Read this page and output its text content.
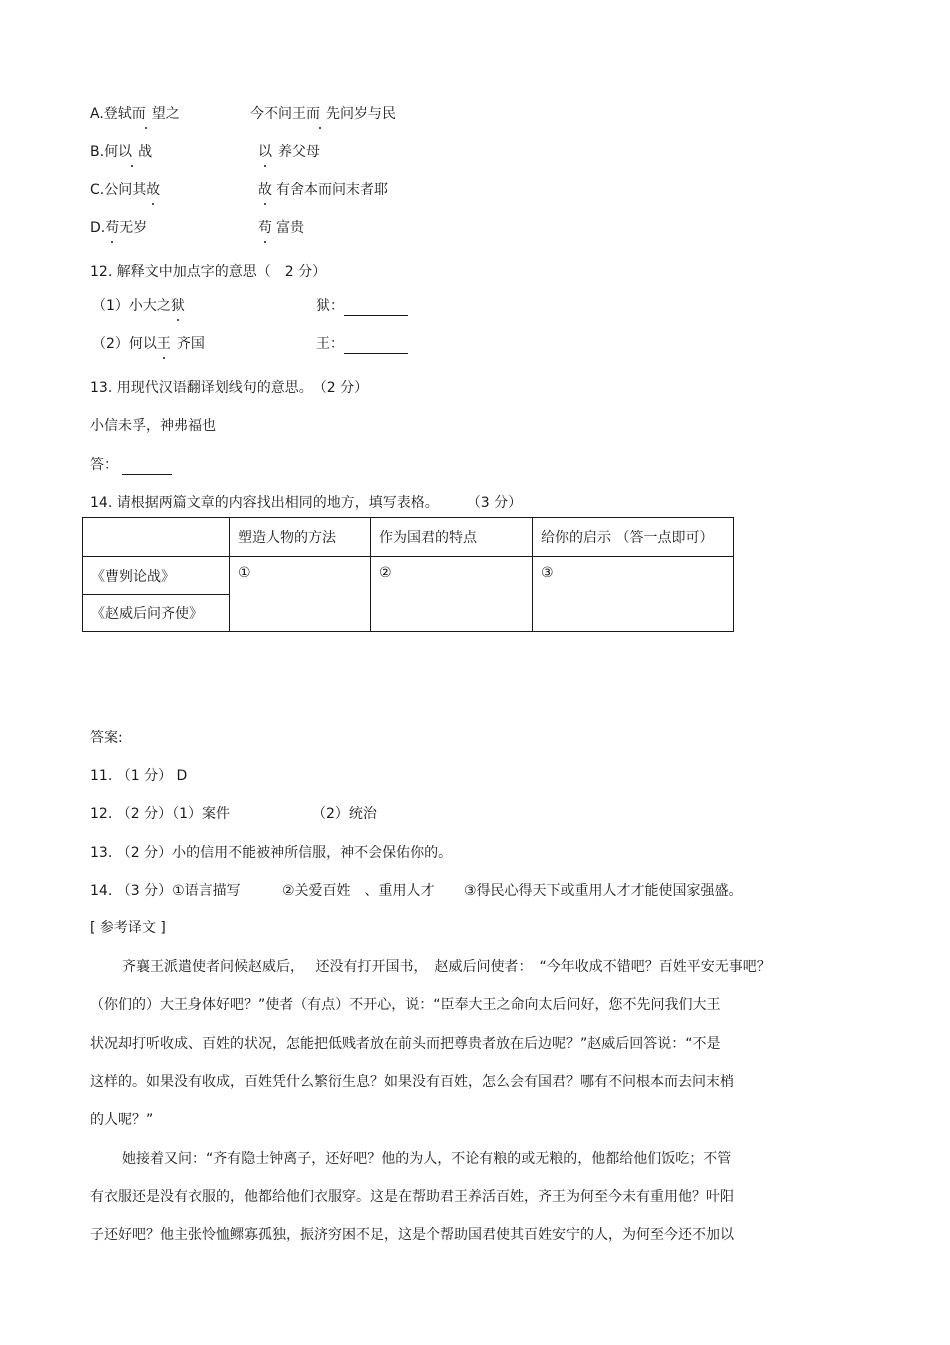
A.登轼而 望之	今不问王而 先问岁与民
B.何以 战	以 养父母
C.公问其故	故 有舍本而问末者耶
D.苟无岁	苟 富贵
12. 解释文中加点字的意思（　2 分）
（1）小大之狱	狱：
（2）何以王 齐国	王：
13. 用现代汉语翻译划线句的意思。　（2 分）
小信未孚，神弗福也
答：
14. 请根据两篇文章的内容找出相同的地方，填写表格。　　　（3 分）
	塑造人物的方法	作为国君的特点	给你的启示 （答一点即可）
《曹刿论战》	①	②	③
《赵威后问齐使》			
答案:
11. （1 分） D
12. （2 分）（1）案件	（2）统治
13. （2 分）小的信用不能被神所信服，神不会保佑你的。
14. （3 分）①语言描写	②关爱百姓　、重用人才 ③得民心得天下或重用人才才能使国家强盛。
[ 参考译文 ]
齐襄王派遣使者问候赵威后，　 还没有打开国书，　赵威后问使者：　“今年收成不错吧？百姓平安无事吧？
（你们的）大王身体好吧？”使者（有点）不开心，说：“臣奉大王之命向太后问好，您不先问我们大王
状况却打听收成、百姓的状况，怎能把低贱者放在前头而把尊贵者放在后边呢？”赵威后回答说：“不是
这样的。如果没有收成，百姓凭什么繁衍生息？如果没有百姓，怎么会有国君？哪有不问根本而去问末梢
的人呢？”
她接着又问：“齐有隐士钟离子，还好吧？他的为人，不论有粮的或无粮的，他都给他们饭吃；不管
有衣服还是没有衣服的，他都给他们衣服穿。这是在帮助君王养活百姓，齐王为何至今未有重用他？叶阳
子还好吧？他主张怜恤鳏寡孤独，振济穷困不足，这是个帮助国君使其百姓安宁的人，为何至今还不加以
